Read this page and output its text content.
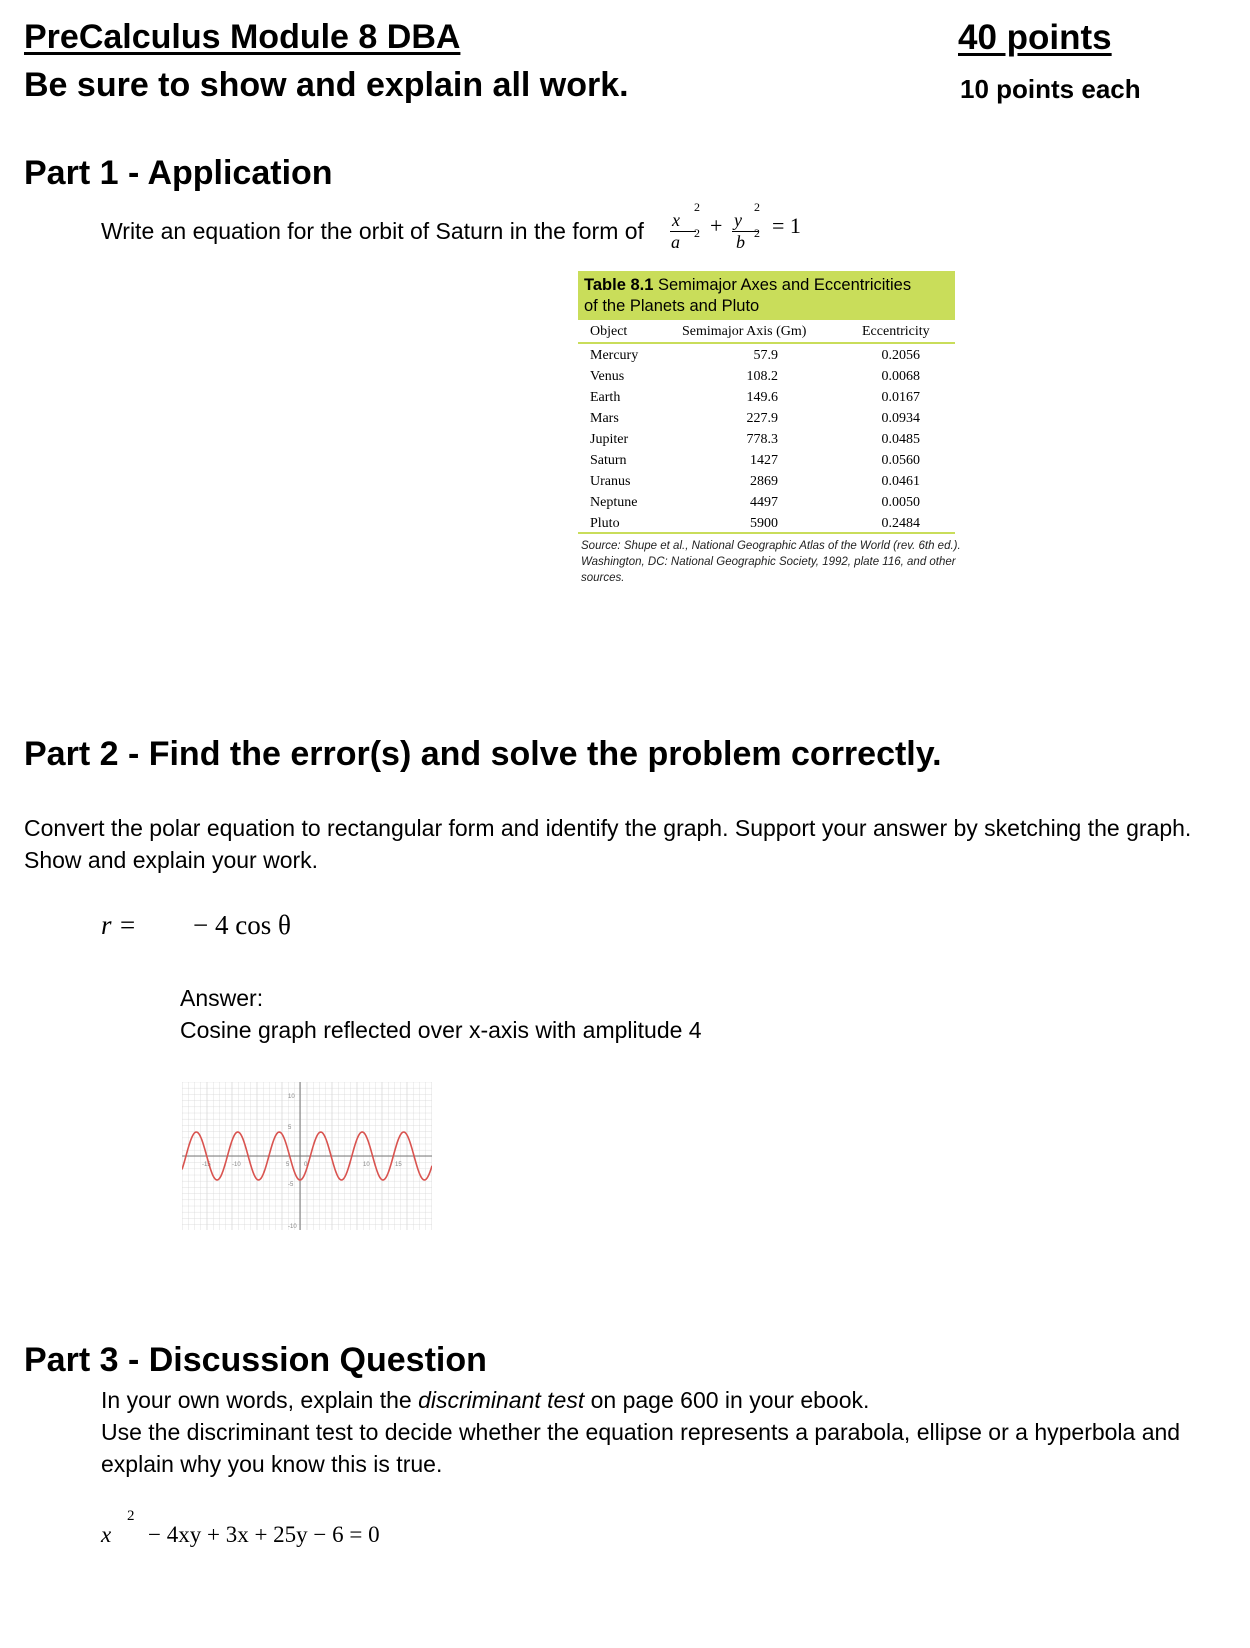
PreCalculus Module 8 DBA
Be sure to show and explain all work.
40 points
10 points each
Part 1 - Application
Write an equation for the orbit of Saturn in the form of x
2
a 2 + y
2
b 2 = 1
Table 8.1 Semimajor Axes and Eccentricities
of the Planets and Pluto
Object	Semimajor Axis (Gm)	Eccentricity
Mercury	57.9	0.2056
Venus	108.2	0.0068
Earth	149.6	0.0167
Mars	227.9	0.0934
Jupiter	778.3	0.0485
Saturn	1427	0.0560
Uranus	2869	0.0461
Neptune	4497	0.0050
Pluto	5900	0.2484
Source: Shupe et al., National Geographic Atlas of the World (rev. 6th ed.). Washington, DC: National Geographic Society, 1992, plate 116, and other sources.
Part 2 - Find the error(s) and solve the problem correctly.
Convert the polar equation to rectangular form and identify the graph. Support your answer by sketching the graph. Show and explain your work.
r = − 4 cos θ
Answer:
Cosine graph reflected over x-axis with amplitude 4
-15	-10	5 0	10	15
10
5
-5
-10
Part 3 - Discussion Question
In your own words, explain the discriminant test on page 600 in your ebook.
Use the discriminant test to decide whether the equation represents a parabola, ellipse or a hyperbola and explain why you know this is true.
x
2
− 4xy + 3x + 25y − 6 = 0
